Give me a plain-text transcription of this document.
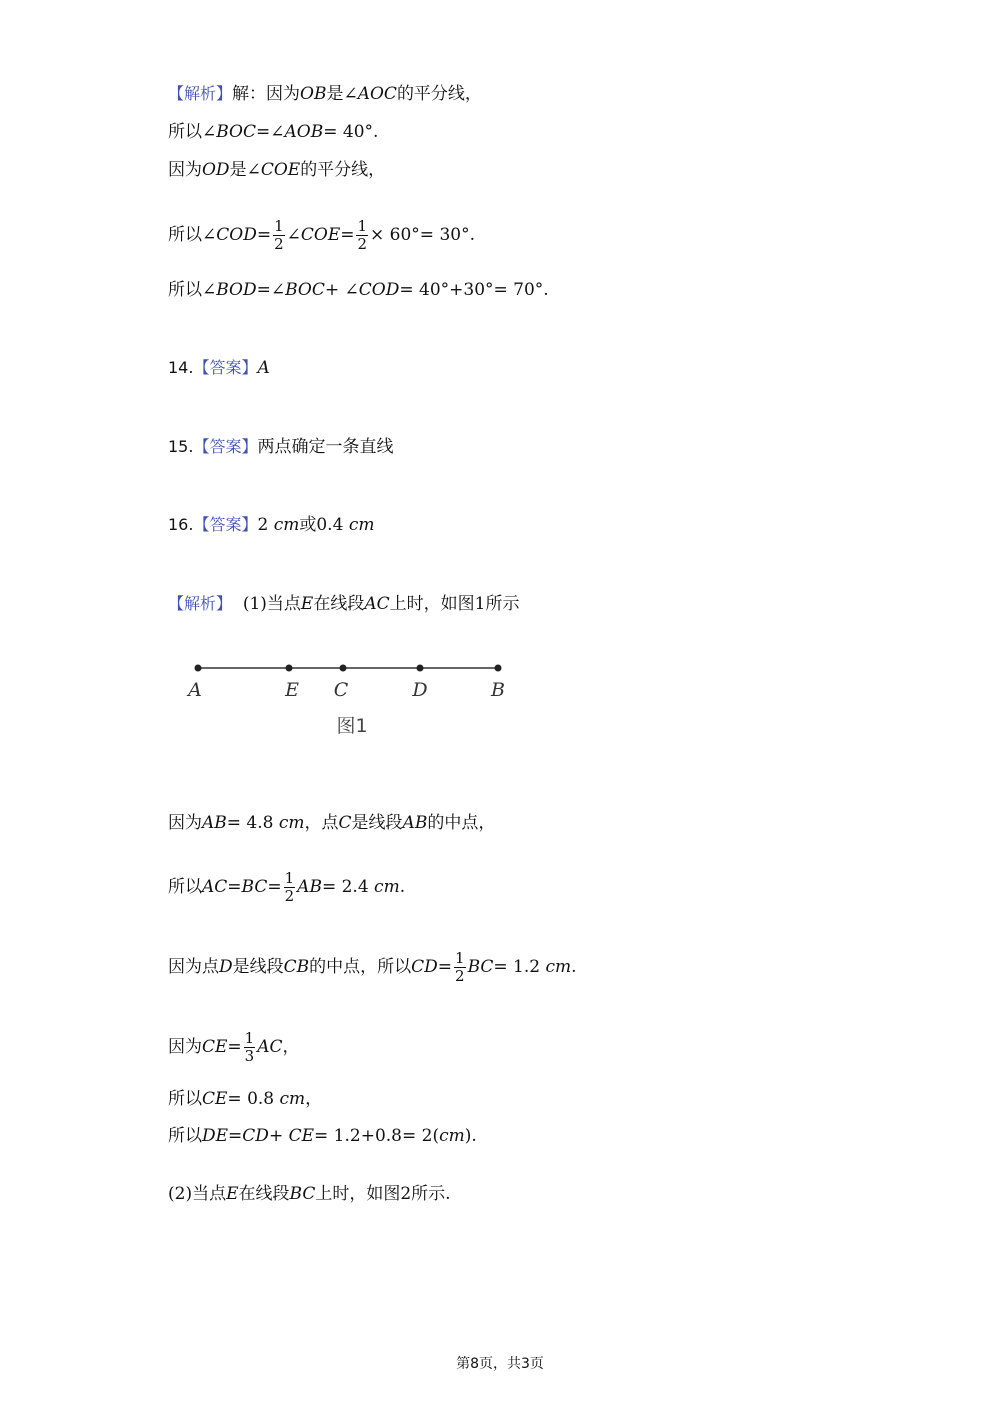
【解析】解：因为OB是∠AOC的平分线，
所以∠BOC=∠AOB= 40°.
因为OD是∠COE的平分线，
所以∠COD= $\frac{1}{2}$ ∠COE= $\frac{1}{2} \times 60^\circ= 30^\circ$.
所以∠BOD=∠BOC+ ∠COD= 40°+30°= 70°.
14.【答案】A
15.【答案】两点确定一条直线
16.【答案】2 cm或0.4 cm
【解析】 (1)当点E在线段AC上时，如图1所示
A	E C	D	B
图1
因为AB= 4.8 cm，点C是线段AB的中点，
所以$AC=BC= \frac{1}{2} AB= 2.4$ cm.
因为点D是线段CB的中点，所以$CD= \frac{1}{2} BC= 1.2$ cm.
因为$CE= \frac{1}{3}$ AC，
所以CE= 0.8 cm，
所以DE=CD+ CE= 1.2+0.8= 2(cm).
(2)当点E在线段BC上时，如图2所示.
第8页，共3页
